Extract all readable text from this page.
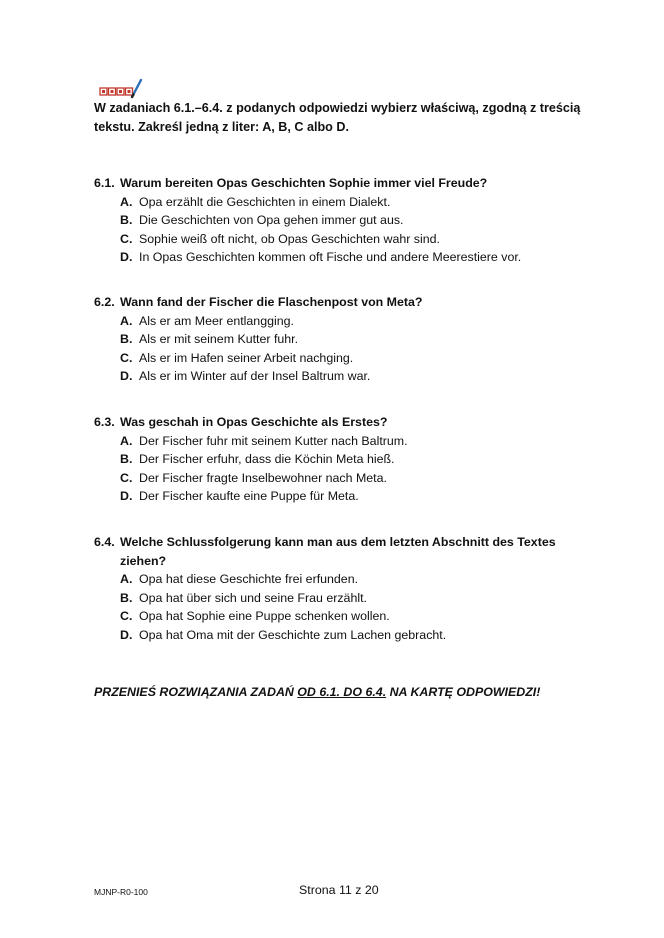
W zadaniach 6.1.–6.4. z podanych odpowiedzi wybierz właściwą, zgodną z treścią tekstu. Zakreśl jedną z liter: A, B, C albo D.
6.1. Warum bereiten Opas Geschichten Sophie immer viel Freude?
A. Opa erzählt die Geschichten in einem Dialekt.
B. Die Geschichten von Opa gehen immer gut aus.
C. Sophie weiß oft nicht, ob Opas Geschichten wahr sind.
D. In Opas Geschichten kommen oft Fische und andere Meerestiere vor.
6.2. Wann fand der Fischer die Flaschenpost von Meta?
A. Als er am Meer entlangging.
B. Als er mit seinem Kutter fuhr.
C. Als er im Hafen seiner Arbeit nachging.
D. Als er im Winter auf der Insel Baltrum war.
6.3. Was geschah in Opas Geschichte als Erstes?
A. Der Fischer fuhr mit seinem Kutter nach Baltrum.
B. Der Fischer erfuhr, dass die Köchin Meta hieß.
C. Der Fischer fragte Inselbewohner nach Meta.
D. Der Fischer kaufte eine Puppe für Meta.
6.4. Welche Schlussfolgerung kann man aus dem letzten Abschnitt des Textes ziehen?
A. Opa hat diese Geschichte frei erfunden.
B. Opa hat über sich und seine Frau erzählt.
C. Opa hat Sophie eine Puppe schenken wollen.
D. Opa hat Oma mit der Geschichte zum Lachen gebracht.
PRZENIEŚ ROZWIĄZANIA ZADAŃ OD 6.1. DO 6.4. NA KARTĘ ODPOWIEDZI!
MJNP-R0-100	Strona 11 z 20
